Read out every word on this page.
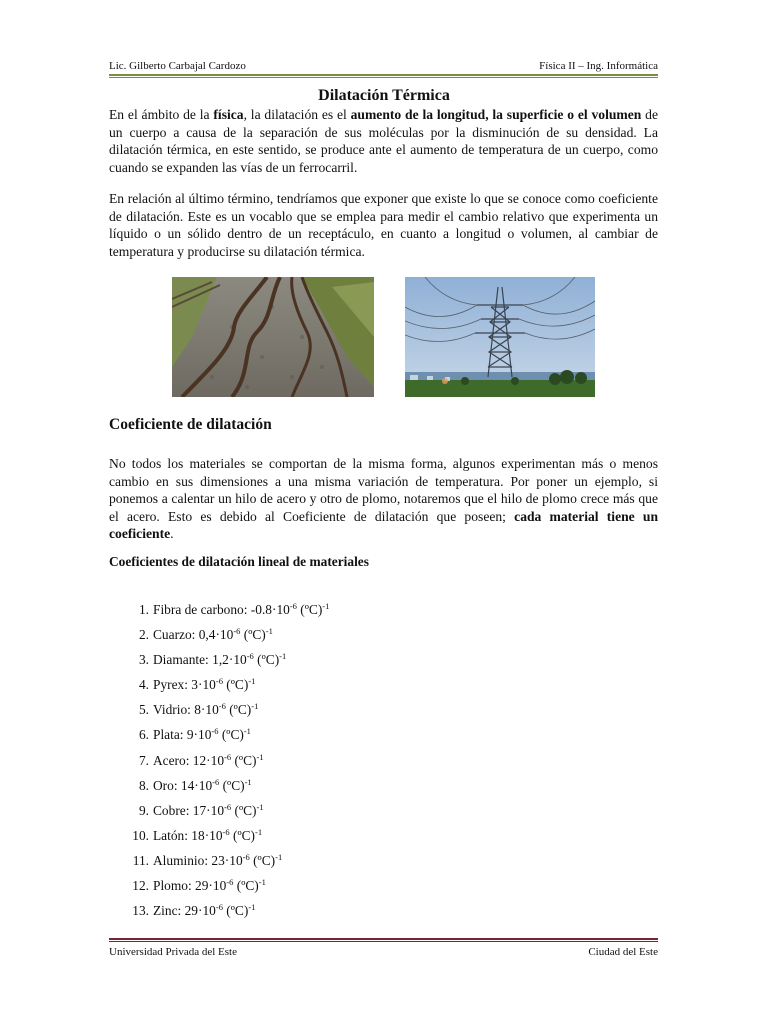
Lic. Gilberto Carbajal Cardozo	Física II – Ing. Informática
Dilatación Térmica

En el ámbito de la física, la dilatación es el aumento de la longitud, la superficie o el volumen de un cuerpo a causa de la separación de sus moléculas por la disminución de su densidad. La dilatación térmica, en este sentido, se produce ante el aumento de temperatura de un cuerpo, como cuando se expanden las vías de un ferrocarril.

En relación al último término, tendríamos que exponer que existe lo que se conoce como coeficiente de dilatación. Este es un vocablo que se emplea para medir el cambio relativo que experimenta un líquido o un sólido dentro de un receptáculo, en cuanto a longitud o volumen, al cambiar de temperatura y producirse su dilatación térmica.

Coeficiente de dilatación

No todos los materiales se comportan de la misma forma, algunos experimentan más o menos cambio en sus dimensiones a una misma variación de temperatura. Por poner un ejemplo, si ponemos a calentar un hilo de acero y otro de plomo, notaremos que el hilo de plomo crece más que el acero. Esto es debido al Coeficiente de dilatación que poseen; cada material tiene un coeficiente.

Coeficientes de dilatación lineal de materiales
1. Fibra de carbono: $-0.8\cdot 10^{-6}$ (ºC)$^{-1}$
2. Cuarzo: $0,4\cdot 10^{-6}$ (ºC)$^{-1}$
3. Diamante: $1,2\cdot 10^{-6}$ (ºC)$^{-1}$
4. Pyrex: $3\cdot 10^{-6}$ (ºC)$^{-1}$
5. Vidrio: $8\cdot 10^{-6}$ (ºC)$^{-1}$
6. Plata: $9\cdot 10^{-6}$ (ºC)$^{-1}$
7. Acero: $12\cdot 10^{-6}$ (ºC)$^{-1}$
8. Oro: $14\cdot 10^{-6}$ (ºC)$^{-1}$
9. Cobre: $17\cdot 10^{-6}$ (ºC)$^{-1}$
10. Latón: $18\cdot 10^{-6}$ (ºC)$^{-1}$
11. Aluminio: $23\cdot 10^{-6}$ (ºC)$^{-1}$
12. Plomo: $29\cdot 10^{-6}$ (ºC)$^{-1}$
13. Zinc: $29\cdot 10^{-6}$ (ºC)$^{-1}$
Universidad Privada del Este	Ciudad del Este
